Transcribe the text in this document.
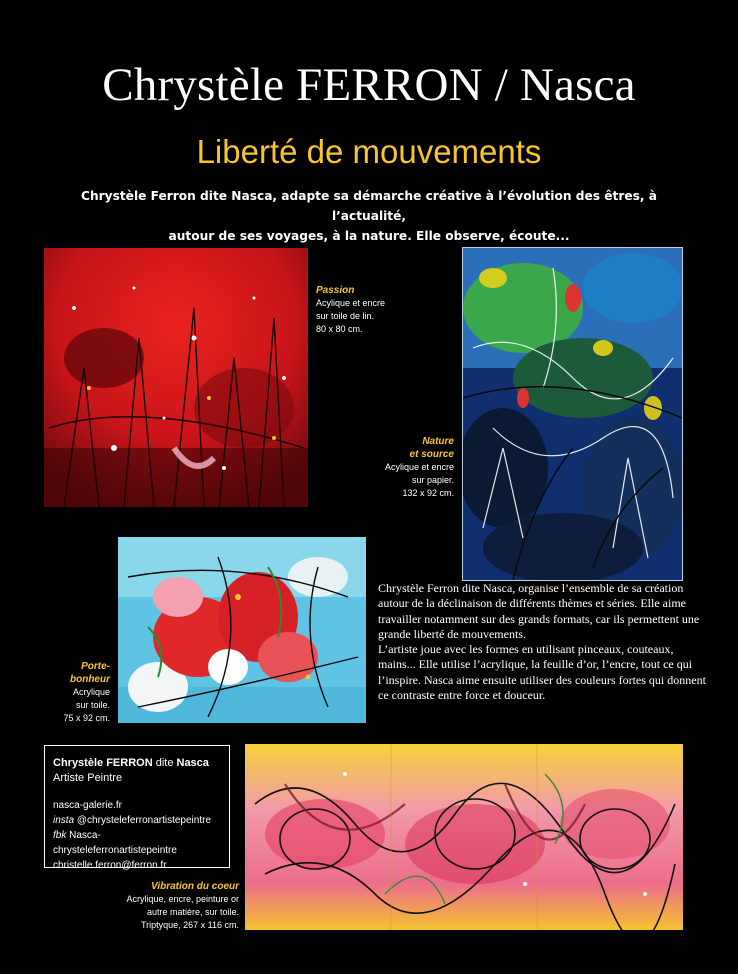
Chrystèle FERRON / Nasca
Liberté de mouvements
Chrystèle Ferron dite Nasca, adapte sa démarche créative à l’évolution des êtres, à l’actualité,
autour de ses voyages, à la nature. Elle observe, écoute...
Passion
Acylique et encre
sur toile de lin.
80 x 80 cm.
Nature
et source
Acylique et encre
sur papier.
132 x 92 cm.
Porte-
bonheur
Acrylique
sur toile.
75 x 92 cm.

Chrystèle Ferron dite Nasca, organise l’ensemble de sa création autour de la déclinaison de différents thèmes et séries. Elle aime travailler notamment sur des grands formats, car ils permettent une grande liberté de mouvements.

L’artiste joue avec les formes en utilisant pinceaux, couteaux, mains... Elle utilise l’acrylique, la feuille d’or, l’encre, tout ce qui l’inspire. Nasca aime ensuite utiliser des couleurs fortes qui donnent ce contraste entre force et douceur.

Chrystèle FERRON dite Nasca
Artiste Peintre
nasca-galerie.fr
insta @chrysteleferronartistepeintre
fbk Nasca-chrysteleferronartistepeintre
christelle.ferron@ferron.fr
Vibration du coeur
Acrylique, encre, peinture or
autre matière, sur toile.
Triptyque, 267 x 116 cm.
